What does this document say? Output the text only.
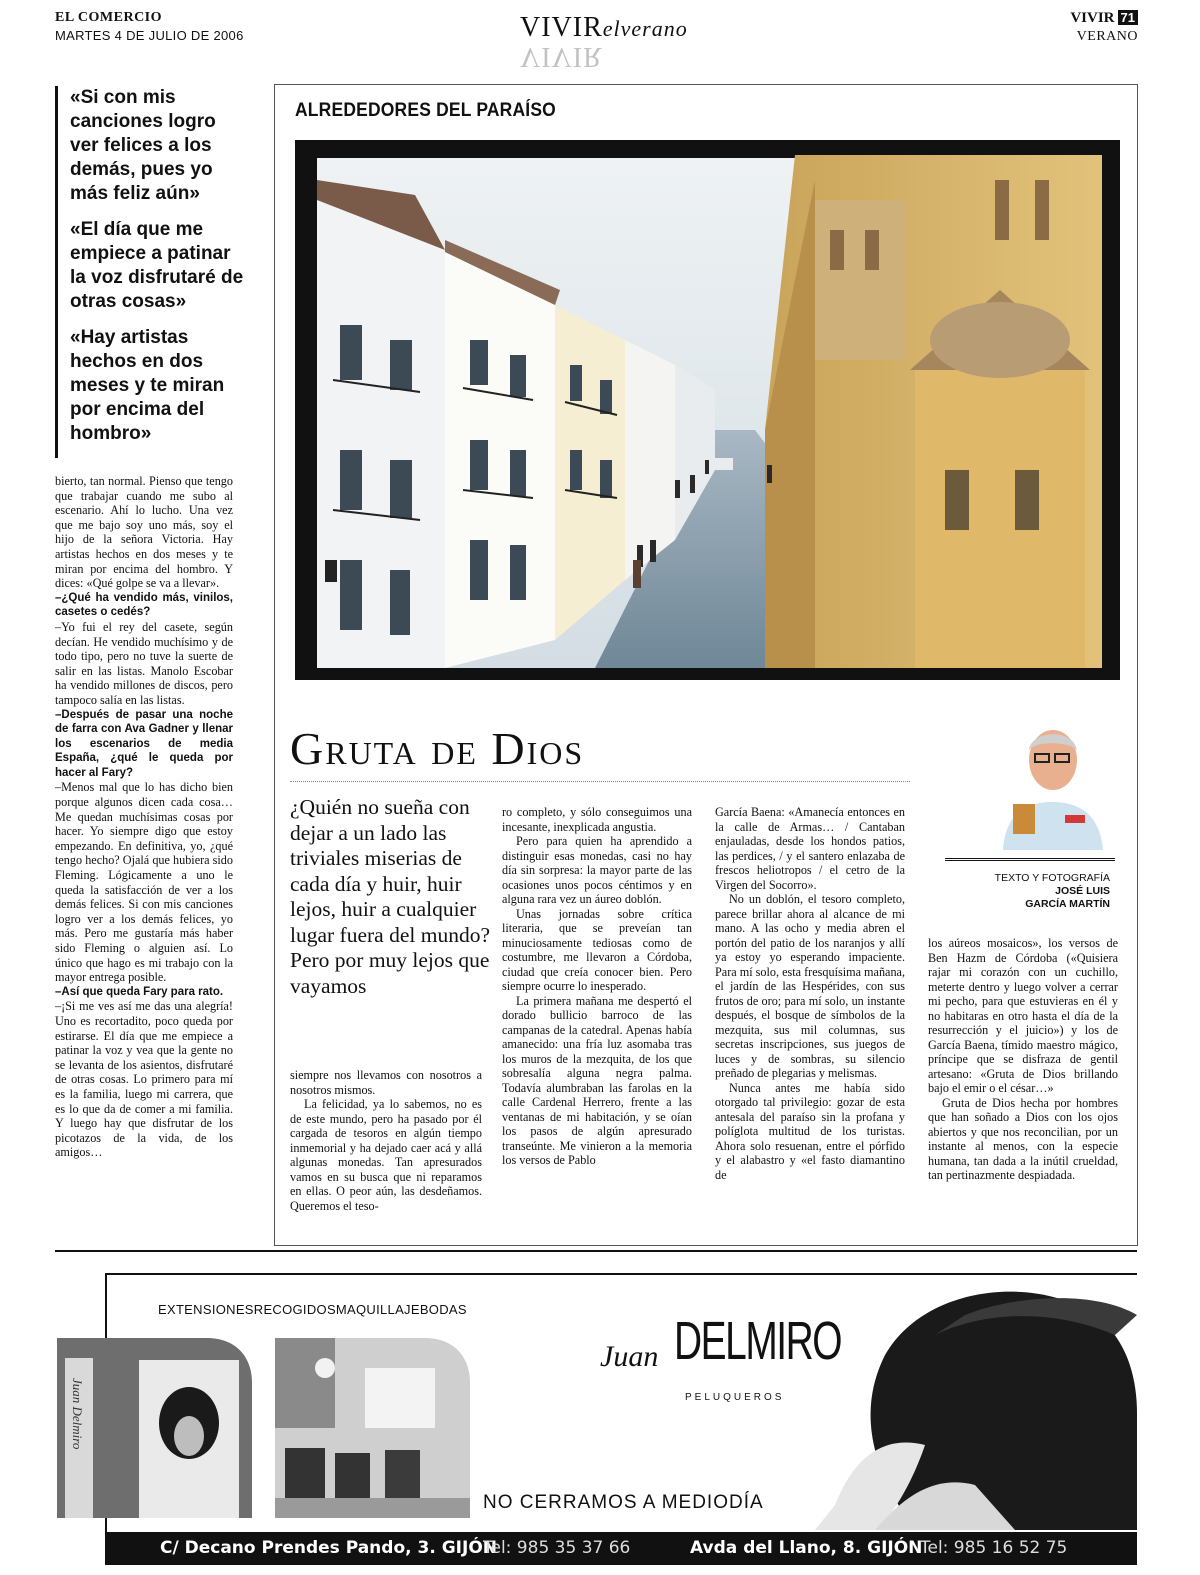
EL COMERCIO
MARTES 4 DE JULIO DE 2006	VIVIRelverano
VIVIR
VIVIR 71
VERANO
«Si con mis canciones logro ver felices a los demás, pues yo más feliz aún»
«El día que me empiece a patinar la voz disfrutaré de otras cosas»
«Hay artistas hechos en dos meses y te miran por encima del hombro»

bierto, tan normal. Pienso que tengo que trabajar cuando me subo al escenario. Ahí lo lucho. Una vez que me bajo soy uno más, soy el hijo de la señora Victoria. Hay artistas hechos en dos meses y te miran por encima del hombro. Y dices: «Qué golpe se va a llevar».

–¿Qué ha vendido más, vinilos, casetes o cedés?

–Yo fui el rey del casete, según decían. He vendido muchísimo y de todo tipo, pero no tuve la suerte de salir en las listas. Manolo Escobar ha vendido millones de discos, pero tampoco salía en las listas.

–Después de pasar una noche de farra con Ava Gadner y llenar los escenarios de media España, ¿qué le queda por hacer al Fary?

–Menos mal que lo has dicho bien porque algunos dicen cada cosa… Me quedan muchísimas cosas por hacer. Yo siempre digo que estoy empezando. En definitiva, yo, ¿qué tengo hecho? Ojalá que hubiera sido Fleming. Lógicamente a uno le queda la satisfacción de ver a los demás felices. Si con mis canciones logro ver a los demás felices, yo más. Pero me gustaría más haber sido Fleming o alguien así. Lo único que hago es mi trabajo con la mayor entrega posible.

–Así que queda Fary para rato.

–¡Si me ves así me das una alegría! Uno es recortadito, poco queda por estirarse. El día que me empiece a patinar la voz y vea que la gente no se levanta de los asientos, disfrutaré de otras cosas. Lo primero para mí es la familia, luego mi carrera, que es lo que da de comer a mi familia. Y luego hay que disfrutar de los picotazos de la vida, de los amigos…

ALREDEDORES DEL PARAÍSO
Gruta de Dios
¿Quién no sueña con dejar a un lado las triviales miserias de cada día y huir, huir lejos, huir a cualquier lugar fuera del mundo? Pero por muy lejos que vayamos

siempre nos llevamos con nosotros a nosotros mismos.

La felicidad, ya lo sabemos, no es de este mundo, pero ha pasado por él cargada de tesoros en algún tiempo inmemorial y ha dejado caer acá y allá algunas monedas. Tan apresurados vamos en su busca que ni reparamos en ellas. O peor aún, las desdeñamos. Queremos el teso-

ro completo, y sólo conseguimos una incesante, inexplicada angustia.

Pero para quien ha aprendido a distinguir esas monedas, casi no hay día sin sorpresa: la mayor parte de las ocasiones unos pocos céntimos y en alguna rara vez un áureo doblón.

Unas jornadas sobre crítica literaria, que se preveían tan minuciosamente tediosas como de costumbre, me llevaron a Córdoba, ciudad que creía conocer bien. Pero siempre ocurre lo inesperado.

La primera mañana me despertó el dorado bullicio barroco de las campanas de la catedral. Apenas había amanecido: una fría luz asomaba tras los muros de la mezquita, de los que sobresalía alguna negra palma. Todavía alumbraban las farolas en la calle Cardenal Herrero, frente a las ventanas de mi habitación, y se oían los pasos de algún apresurado transeúnte. Me vinieron a la memoria los versos de Pablo

García Baena: «Amanecía entonces en la calle de Armas… / Cantaban enjauladas, desde los hondos patios, las perdices, / y el santero enlazaba de frescos heliotropos / el cetro de la Virgen del Socorro».

No un doblón, el tesoro completo, parece brillar ahora al alcance de mi mano. A las ocho y media abren el portón del patio de los naranjos y allí ya estoy yo esperando impaciente. Para mí solo, esta fresquísima mañana, el jardín de las Hespérides, con sus frutos de oro; para mí solo, un instante después, el bosque de símbolos de la mezquita, sus mil columnas, sus secretas inscripciones, sus juegos de luces y de sombras, su silencio preñado de plegarias y melismas.

Nunca antes me había sido otorgado tal privilegio: gozar de esta antesala del paraíso sin la profana y políglota multitud de los turistas. Ahora solo resuenan, entre el pórfido y el alabastro y «el fasto diamantino de

los aúreos mosaicos», los versos de Ben Hazm de Córdoba («Quisiera rajar mi corazón con un cuchillo, meterte dentro y luego volver a cerrar mi pecho, para que estuvieras en él y no habitaras en otro hasta el día de la resurrección y el juicio») y los de García Baena, tímido maestro mágico, príncipe que se disfraza de gentil artesano: «Gruta de Dios brillando bajo el emir o el césar…»

Gruta de Dios hecha por hombres que han soñado a Dios con los ojos abiertos y que nos reconcilian, por un instante al menos, con la especie humana, tan dada a la inútil crueldad, tan pertinazmente despiadada.

TEXTO Y FOTOGRAFÍA
JOSÉ LUIS
GARCÍA MARTÍN
EXTENSIONESRECOGIDOSMAQUILLAJEBODAS
Juan Delmiro
Juan DELMIRO
PELUQUEROS
NO CERRAMOS A MEDIODÍA
C/ Decano Prendes Pando, 3. GIJÓN
Tel: 985 35 37 66	Avda del Llano, 8. GIJÓN
Tel: 985 16 52 75
